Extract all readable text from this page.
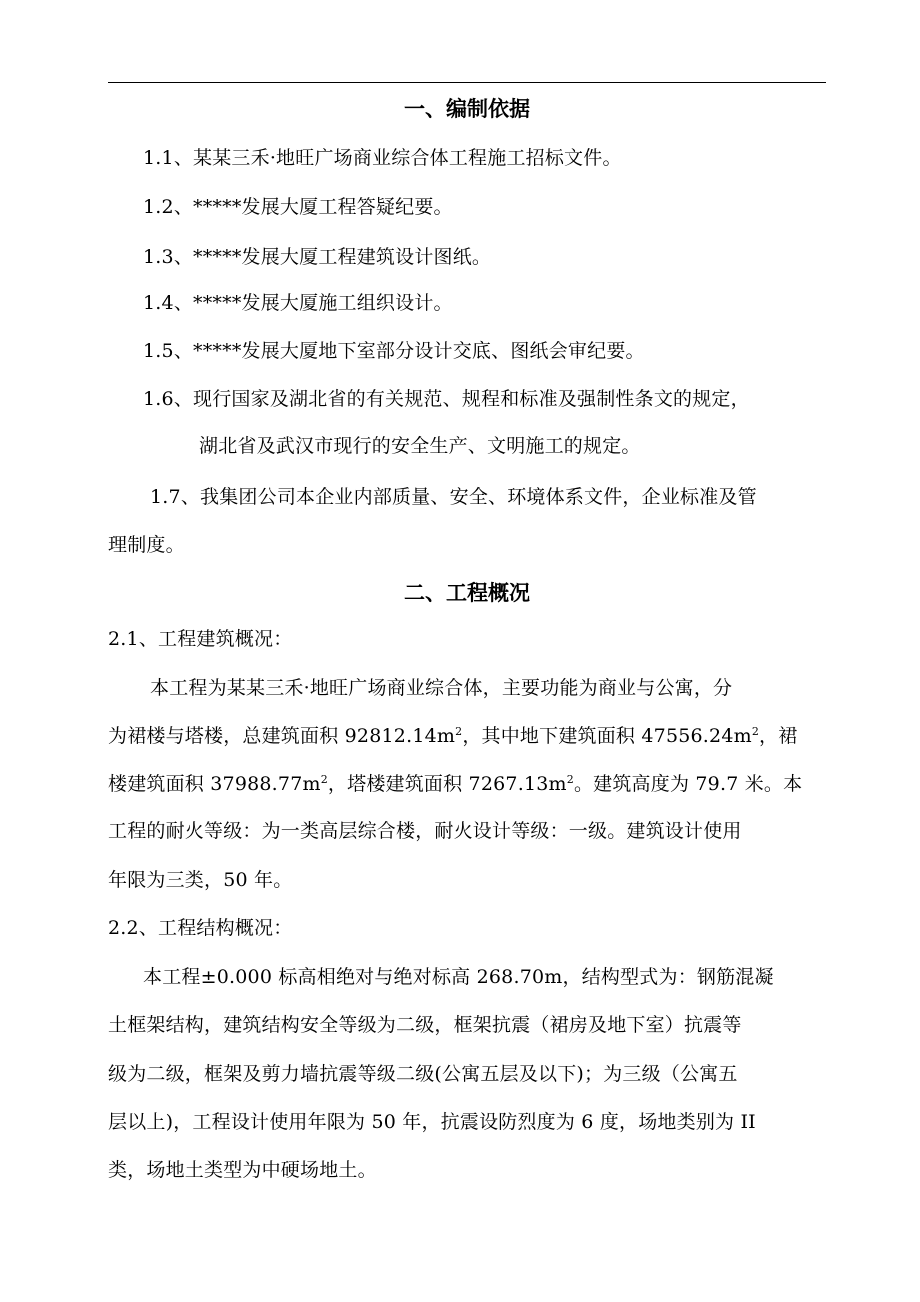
一、编制依据
1.1、某某三禾·地旺广场商业综合体工程施工招标文件。
1.2、*****发展大厦工程答疑纪要。
1.3、*****发展大厦工程建筑设计图纸。
1.4、*****发展大厦施工组织设计。
1.5、*****发展大厦地下室部分设计交底、图纸会审纪要。
1.6、现行国家及湖北省的有关规范、规程和标准及强制性条文的规定，
湖北省及武汉市现行的安全生产、文明施工的规定。
1.7、我集团公司本企业内部质量、安全、环境体系文件，企业标准及管
理制度。
二、工程概况
2.1、工程建筑概况：
本工程为某某三禾·地旺广场商业综合体，主要功能为商业与公寓，分
为裙楼与塔楼，总建筑面积 $92812.14m^2$，其中地下建筑面积 $47556.24m^2$，裙
楼建筑面积 $37988.77m^2$，塔楼建筑面积 $7267.13m^2$。建筑高度为 79.7 米。本
工程的耐火等级：为一类高层综合楼，耐火设计等级：一级。建筑设计使用
年限为三类，50 年。
2.2、工程结构概况：
本工程±0.000 标高相绝对与绝对标高 268.70m，结构型式为：钢筋混凝
土框架结构，建筑结构安全等级为二级，框架抗震（裙房及地下室）抗震等
级为二级，框架及剪力墙抗震等级二级(公寓五层及以下)；为三级（公寓五
层以上)，工程设计使用年限为 50 年，抗震设防烈度为 6 度，场地类别为 II
类，场地土类型为中硬场地土。
